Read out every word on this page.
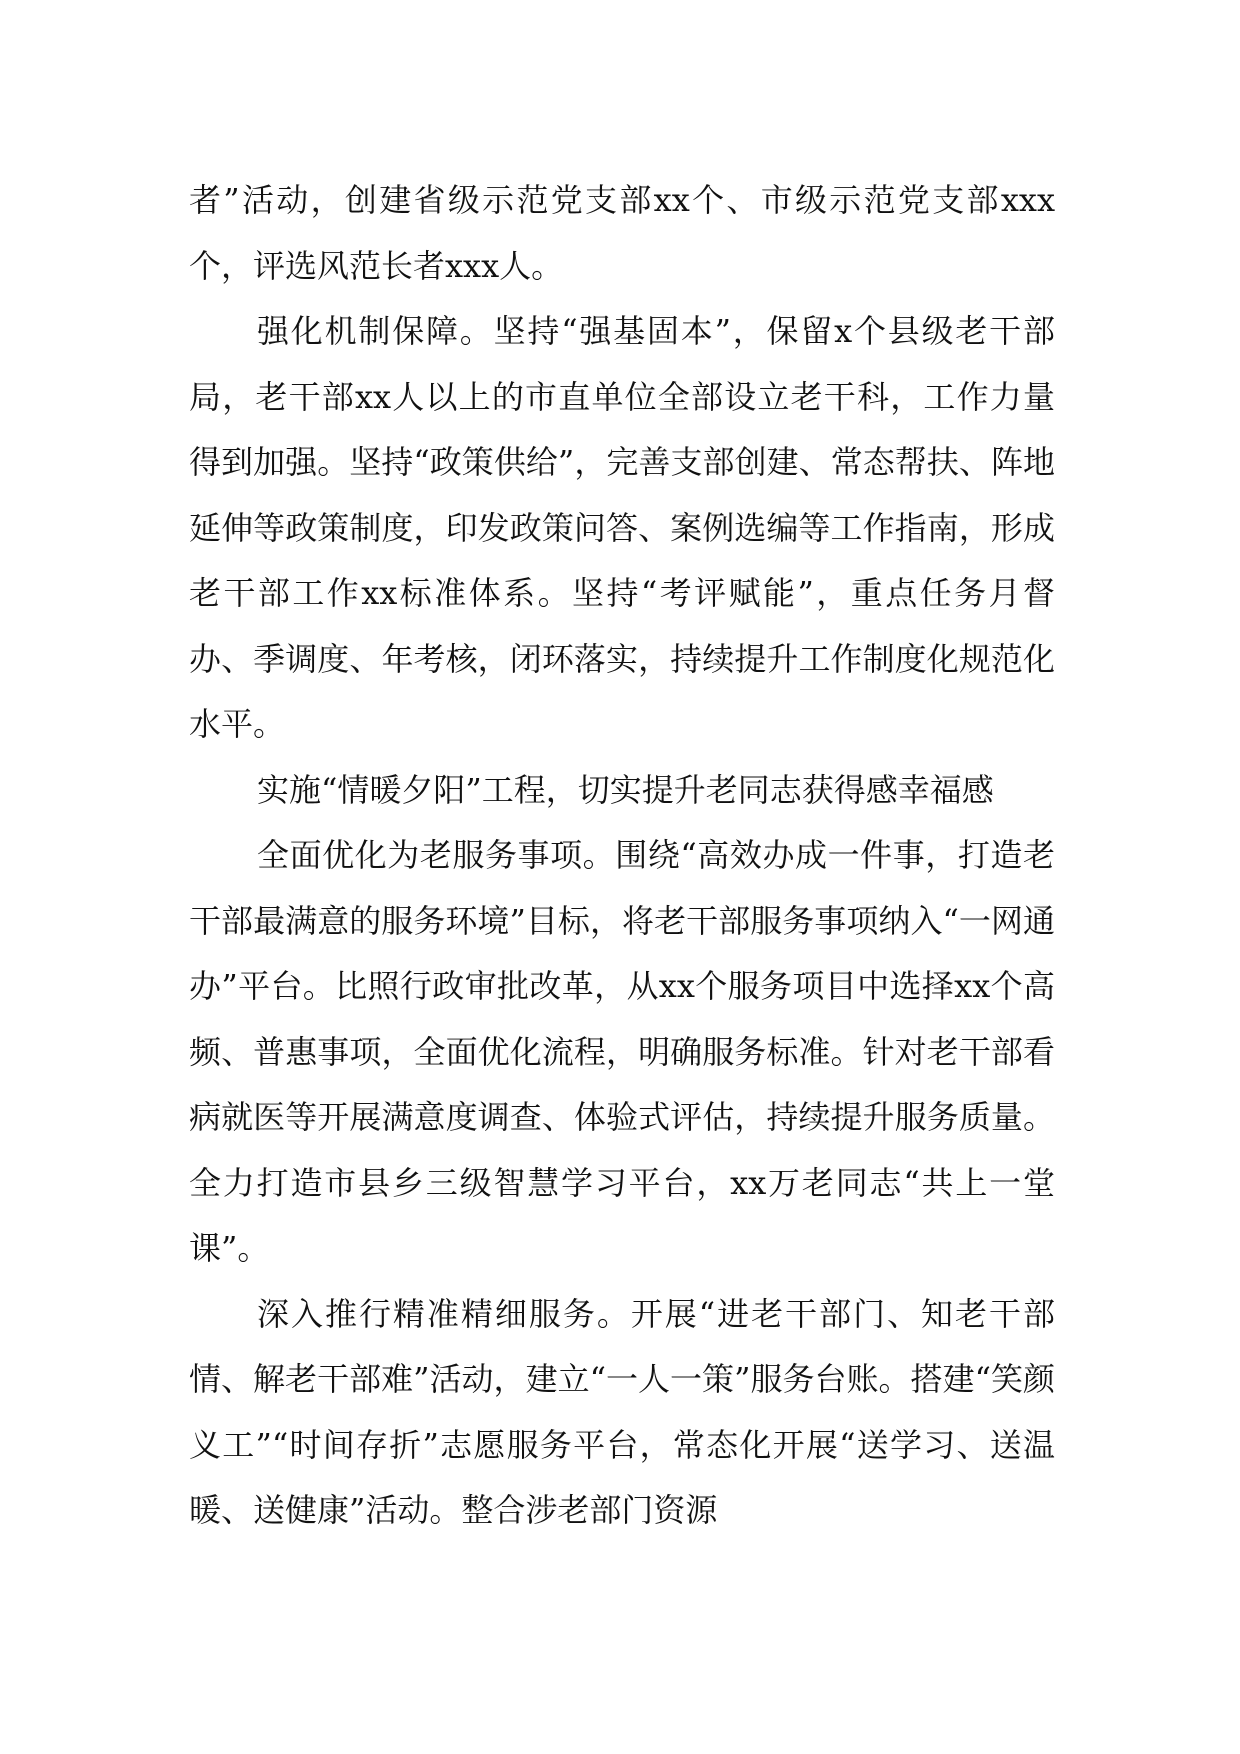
者”活动，创建省级示范党支部xx个、市级示范党支部xxx个，评选风范长者xxx人。

强化机制保障。坚持“强基固本”，保留x个县级老干部局，老干部xx人以上的市直单位全部设立老干科，工作力量得到加强。坚持“政策供给”，完善支部创建、常态帮扶、阵地延伸等政策制度，印发政策问答、案例选编等工作指南，形成老干部工作xx标准体系。坚持“考评赋能”，重点任务月督办、季调度、年考核，闭环落实，持续提升工作制度化规范化水平。

实施“情暖夕阳”工程，切实提升老同志获得感幸福感

全面优化为老服务事项。围绕“高效办成一件事，打造老干部最满意的服务环境”目标，将老干部服务事项纳入“一网通办”平台。比照行政审批改革，从xx个服务项目中选择xx个高频、普惠事项，全面优化流程，明确服务标准。针对老干部看病就医等开展满意度调查、体验式评估，持续提升服务质量。全力打造市县乡三级智慧学习平台，xx万老同志“共上一堂课”。

深入推行精准精细服务。开展“进老干部门、知老干部情、解老干部难”活动，建立“一人一策”服务台账。搭建“笑颜义工”“时间存折”志愿服务平台，常态化开展“送学习、送温暖、送健康”活动。整合涉老部门资源
